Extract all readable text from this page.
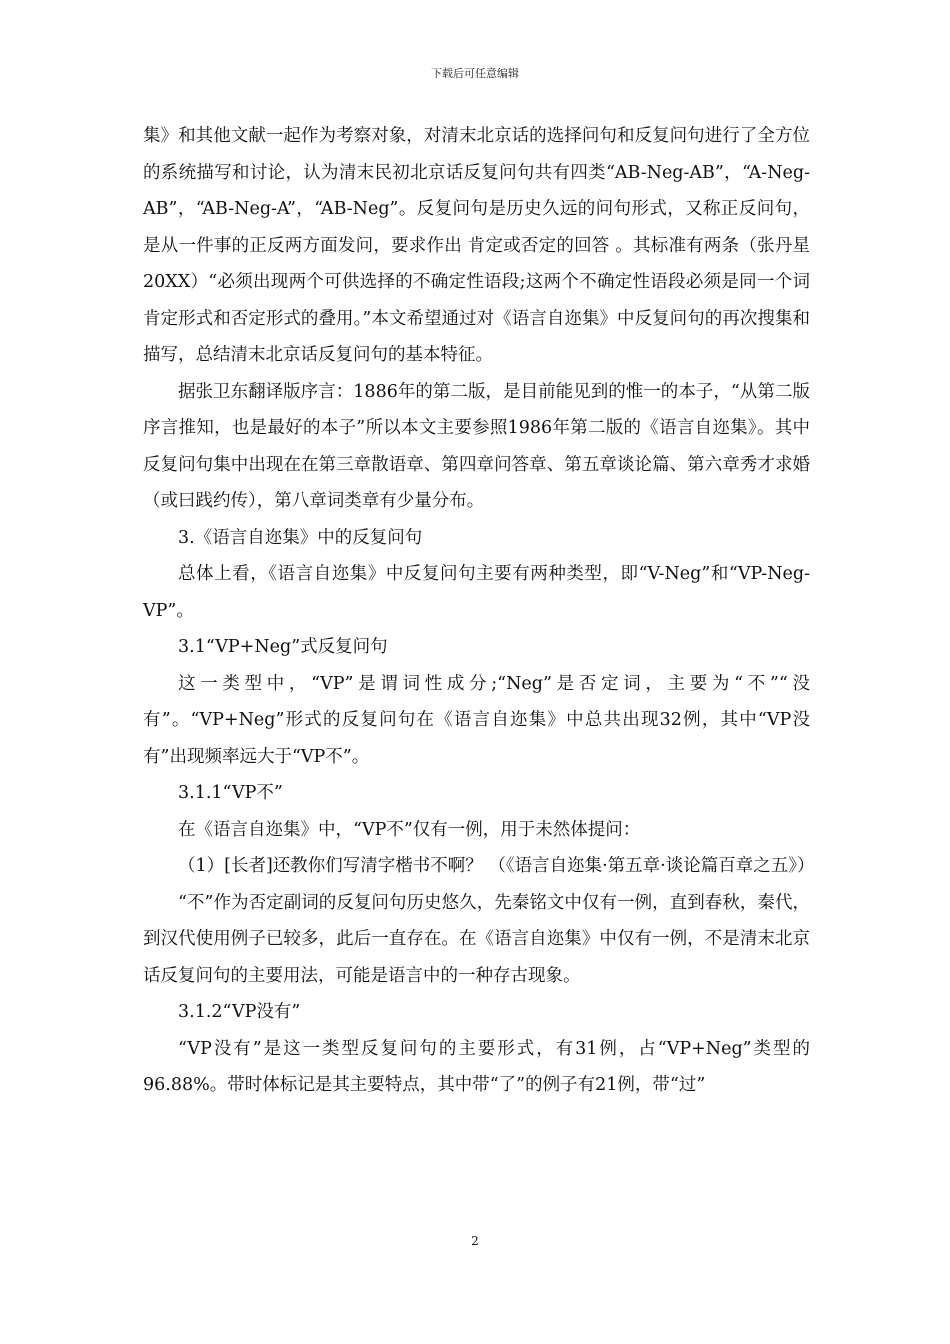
下载后可任意编辑

集》和其他文献一起作为考察对象，对清末北京话的选择问句和反复问句进行了全方位的系统描写和讨论，认为清末民初北京话反复问句共有四类“AB-Neg-AB”，“A-Neg-AB”，“AB-Neg-A”，“AB-Neg”。反复问句是历史久远的问句形式，又称正反问句，是从一件事的正反两方面发问，要求作出 肯定或否定的回答 。其标准有两条（张丹星 20XX）“必须出现两个可供选择的不确定性语段;这两个不确定性语段必须是同一个词肯定形式和否定形式的叠用。”本文希望通过对《语言自迩集》中反复问句的再次搜集和描写，总结清末北京话反复问句的基本特征。

据张卫东翻译版序言：1886年的第二版，是目前能见到的惟一的本子，“从第二版序言推知，也是最好的本子”所以本文主要参照1986年第二版的《语言自迩集》。其中反复问句集中出现在在第三章散语章、第四章问答章、第五章谈论篇、第六章秀才求婚（或曰践约传），第八章词类章有少量分布。

3.《语言自迩集》中的反复问句

总体上看，《语言自迩集》中反复问句主要有两种类型，即“V-Neg”和“VP-Neg-VP”。

3.1“VP+Neg”式反复问句

这一类型中，“VP”是谓词性成分;“Neg”是否定词，主要为“不”“没有”。“VP+Neg”形式的反复问句在《语言自迩集》中总共出现32例，其中“VP没有”出现频率远大于“VP不”。

3.1.1“VP不”

在《语言自迩集》中，“VP不”仅有一例，用于未然体提问：

（1）[长者]还教你们写清字楷书不啊？ （《语言自迩集·第五章·谈论篇百章之五》）

“不”作为否定副词的反复问句历史悠久，先秦铭文中仅有一例，直到春秋，秦代，到汉代使用例子已较多，此后一直存在。在《语言自迩集》中仅有一例，不是清末北京话反复问句的主要用法，可能是语言中的一种存古现象。

3.1.2“VP没有”

“VP没有”是这一类型反复问句的主要形式，有31例，占“VP+Neg”类型的96.88%。带时体标记是其主要特点，其中带“了”的例子有21例，带“过”

2
